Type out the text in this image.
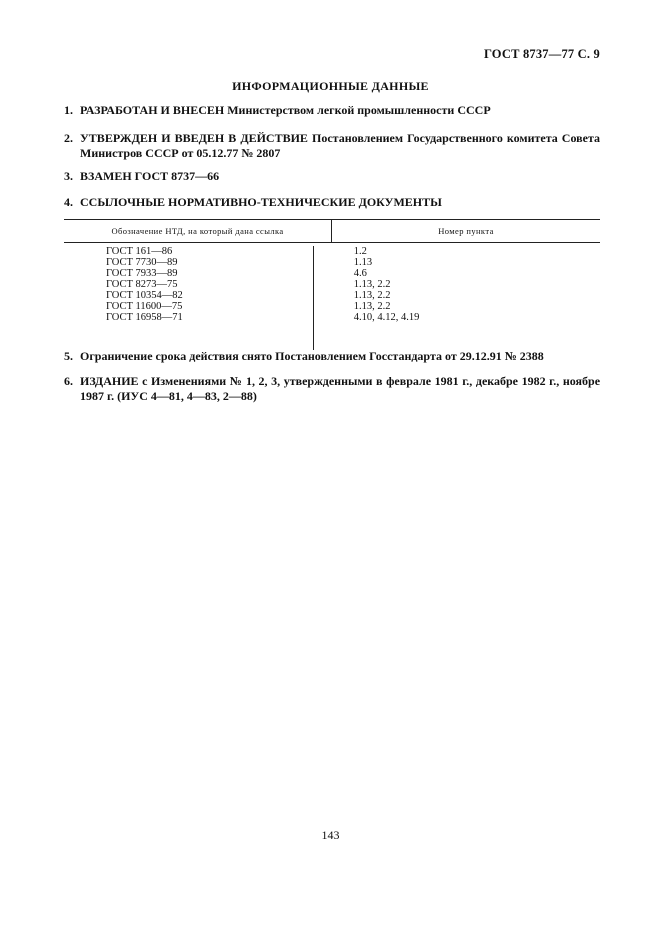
ГОСТ 8737—77 С. 9
ИНФОРМАЦИОННЫЕ ДАННЫЕ
1. РАЗРАБОТАН И ВНЕСЕН Министерством легкой промышленности СССР
2. УТВЕРЖДЕН И ВВЕДЕН В ДЕЙСТВИЕ Постановлением Государственного комитета Совета Министров СССР от 05.12.77 № 2807
3. ВЗАМЕН ГОСТ 8737—66
4. ССЫЛОЧНЫЕ НОРМАТИВНО-ТЕХНИЧЕСКИЕ ДОКУМЕНТЫ
Обозначение НТД, на который дана ссылка	Номер пункта
ГОСТ 161—86
ГОСТ 7730—89
ГОСТ 7933—89
ГОСТ 8273—75
ГОСТ 10354—82
ГОСТ 11600—75
ГОСТ 16958—71
1.2
1.13
4.6
1.13, 2.2
1.13, 2.2
1.13, 2.2
4.10, 4.12, 4.19
5. Ограничение срока действия снято Постановлением Госстандарта от 29.12.91 № 2388
6. ИЗДАНИЕ с Изменениями № 1, 2, 3, утвержденными в феврале 1981 г., декабре 1982 г., ноябре 1987 г. (ИУС 4—81, 4—83, 2—88)
143
